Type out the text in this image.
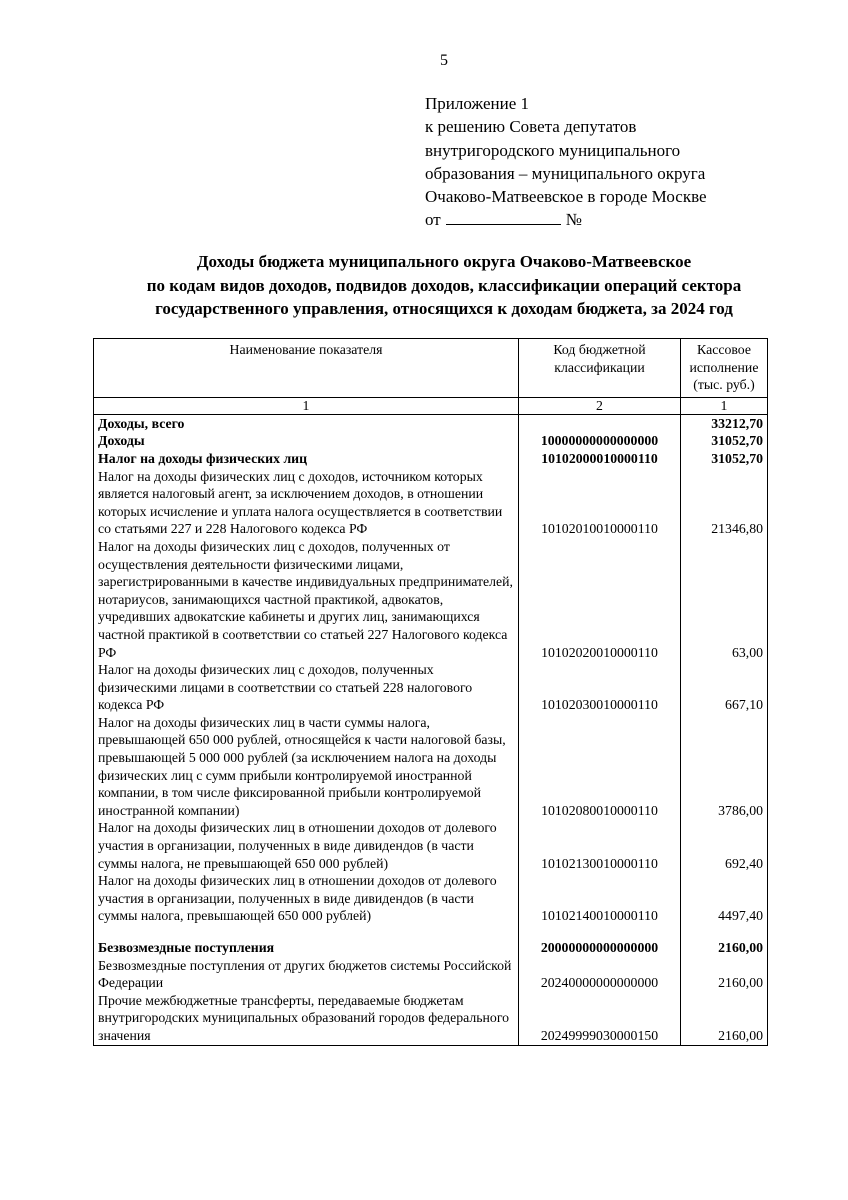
5
Приложение 1
к решению Совета депутатов
внутригородского муниципального
образования – муниципального округа
Очаково-Матвеевское в городе Москве
от	№
Доходы бюджета муниципального округа Очаково-Матвеевское
по кодам видов доходов, подвидов доходов, классификации операций сектора
государственного управления, относящихся к доходам бюджета, за 2024 год
Наименование показателя	Код бюджетной классификации	Кассовое исполнение (тыс. руб.)
1	2	1
Доходы, всего		33212,70
Доходы	10000000000000000	31052,70
Налог на доходы физических лиц	10102000010000110	31052,70
Налог на доходы физических лиц с доходов, источником которых является налоговый агент, за исключением доходов, в отношении которых исчисление и уплата налога осуществляется в соответствии со статьями 227 и 228 Налогового кодекса РФ	10102010010000110	21346,80
Налог на доходы физических лиц с доходов, полученных от осуществления деятельности физическими лицами, зарегистрированными в качестве индивидуальных предпринимателей, нотариусов, занимающихся частной практикой, адвокатов, учредивших адвокатские кабинеты и других лиц, занимающихся частной практикой в соответствии со статьей 227 Налогового кодекса РФ	10102020010000110	63,00
Налог на доходы физических лиц с доходов, полученных физическими лицами в соответствии со статьей 228 налогового кодекса РФ	10102030010000110	667,10
Налог на доходы физических лиц в части суммы налога, превышающей 650 000 рублей, относящейся к части налоговой базы, превышающей 5 000 000 рублей (за исключением налога на доходы физических лиц с сумм прибыли контролируемой иностранной компании, в том числе фиксированной прибыли контролируемой иностранной компании)	10102080010000110	3786,00
Налог на доходы физических лиц в отношении доходов от долевого участия в организации, полученных в виде дивидендов (в части суммы налога, не превышающей 650 000 рублей)	10102130010000110	692,40
Налог на доходы физических лиц в отношении доходов от долевого участия в организации, полученных в виде дивидендов (в части суммы налога, превышающей 650 000 рублей)	10102140010000110	4497,40

Безвозмездные поступления	20000000000000000	2160,00
Безвозмездные поступления от других бюджетов системы Российской Федерации	20240000000000000	2160,00
Прочие межбюджетные трансферты, передаваемые бюджетам внутригородских муниципальных образований городов федерального значения	20249999030000150	2160,00
